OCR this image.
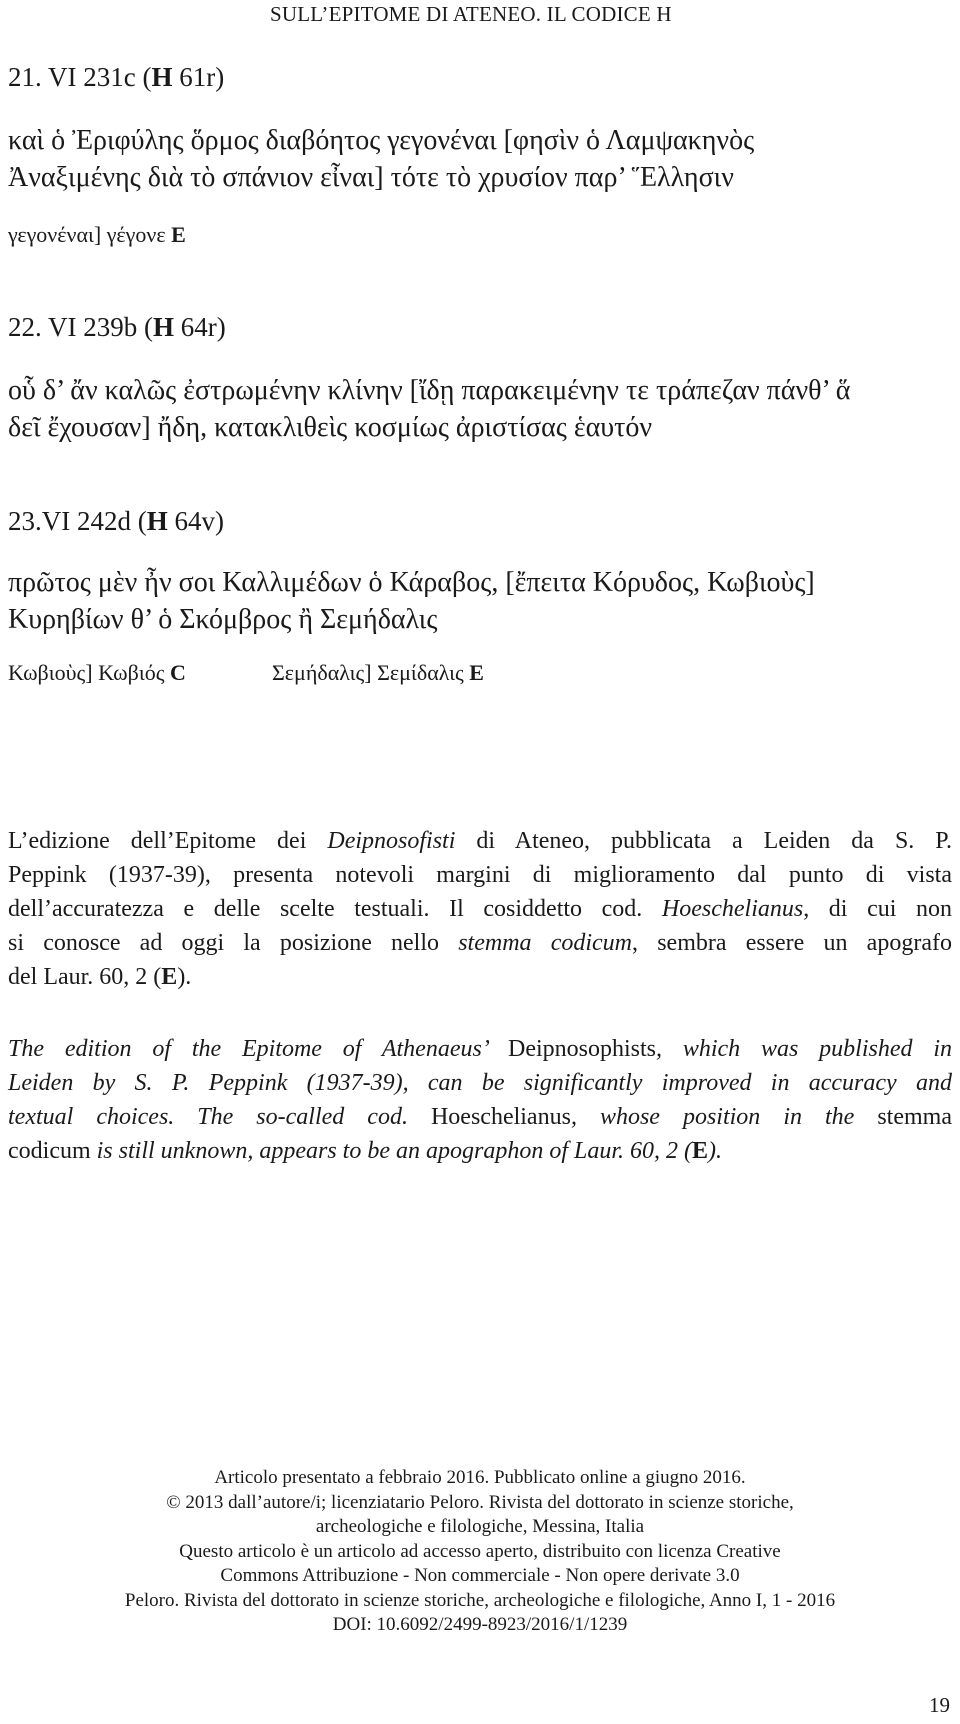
SULL’EPITOME DI ATENEO. IL CODICE H
21. VI 231c (H 61r)
καὶ ὁ Ἐριφύλης ὅρμος διαβόητος γεγονέναι [φησὶν ὁ Λαμψακηνὸς
Ἀναξιμένης διὰ τὸ σπάνιον εἶναι] τότε τὸ χρυσίον παρ’ Ἕλλησιν
γεγονέναι] γέγονε E
22. VI 239b (H 64r)
οὗ δ’ ἄν καλῶς ἐστρωμένην κλίνην [ἴδῃ παρακειμένην τε τράπεζαν πάνθ’ ἅ
δεῖ ἔχουσαν] ἤδη, κατακλιθεὶς κοσμίως ἀριστίσας ἑαυτόν
23.VI 242d (H 64v)
πρῶτος μὲν ἦν σοι Καλλιμέδων ὁ Κάραβος, [ἔπειτα Κόρυδος, Κωβιοὺς]
Κυρηβίων θ’ ὁ Σκόμβρος ἢ Σεμήδαλις
Κωβιοὺς] Κωβιός C	Σεμήδαλις] Σεμίδαλις E
L’edizione dell’Epitome dei Deipnosofisti di Ateneo, pubblicata a Leiden da S. P.
Peppink (1937-39), presenta notevoli margini di miglioramento dal punto di vista
dell’accuratezza e delle scelte testuali. Il cosiddetto cod. Hoeschelianus, di cui non
si conosce ad oggi la posizione nello stemma codicum, sembra essere un apografo
del Laur. 60, 2 (E).
The edition of the Epitome of Athenaeus’ Deipnosophists, which was published in
Leiden by S. P. Peppink (1937-39), can be significantly improved in accuracy and
textual choices. The so-called cod. Hoeschelianus, whose position in the stemma
codicum is still unknown, appears to be an apographon of Laur. 60, 2 (E).
Articolo presentato a febbraio 2016. Pubblicato online a giugno 2016.
© 2013 dall’autore/i; licenziatario Peloro. Rivista del dottorato in scienze storiche,
archeologiche e filologiche, Messina, Italia
Questo articolo è un articolo ad accesso aperto, distribuito con licenza Creative
Commons Attribuzione - Non commerciale - Non opere derivate 3.0
Peloro. Rivista del dottorato in scienze storiche, archeologiche e filologiche, Anno I, 1 - 2016
DOI: 10.6092/2499-8923/2016/1/1239
19
